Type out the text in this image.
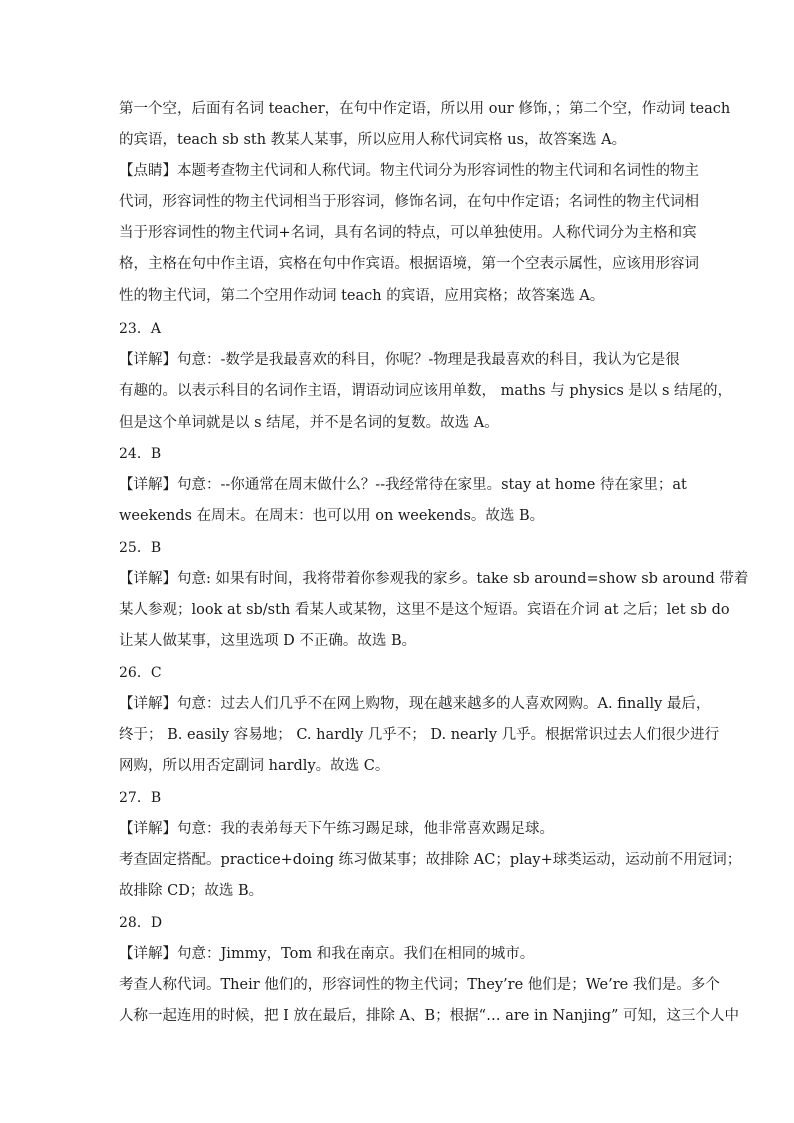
第一个空，后面有名词 teacher，在句中作定语，所以用 our 修饰，；第二个空，作动词 teach
的宾语，teach sb sth 教某人某事，所以应用人称代词宾格 us，故答案选 A。
【点睛】本题考查物主代词和人称代词。物主代词分为形容词性的物主代词和名词性的物主
代词，形容词性的物主代词相当于形容词，修饰名词，在句中作定语；名词性的物主代词相
当于形容词性的物主代词+名词，具有名词的特点，可以单独使用。人称代词分为主格和宾
格，主格在句中作主语，宾格在句中作宾语。根据语境，第一个空表示属性，应该用形容词
性的物主代词，第二个空用作动词 teach 的宾语，应用宾格；故答案选 A。
23．A
【详解】句意：-数学是我最喜欢的科目，你呢？-物理是我最喜欢的科目，我认为它是很
有趣的。以表示科目的名词作主语，谓语动词应该用单数， maths 与 physics 是以 s 结尾的，
但是这个单词就是以 s 结尾，并不是名词的复数。故选 A。
24．B
【详解】句意：--你通常在周末做什么？--我经常待在家里。stay at home 待在家里；at
weekends 在周末。在周末：也可以用 on weekends。故选 B。
25．B
【详解】句意: 如果有时间，我将带着你参观我的家乡。take sb around=show sb around 带着
某人参观；look at sb/sth 看某人或某物，这里不是这个短语。宾语在介词 at 之后；let sb do
让某人做某事，这里选项 D 不正确。故选 B。
26．C
【详解】句意：过去人们几乎不在网上购物，现在越来越多的人喜欢网购。A. finally 最后，
终于； B. easily 容易地； C. hardly 几乎不； D. nearly 几乎。根据常识过去人们很少进行
网购，所以用否定副词 hardly。故选 C。
27．B
【详解】句意：我的表弟每天下午练习踢足球，他非常喜欢踢足球。
考查固定搭配。practice+doing 练习做某事；故排除 AC；play+球类运动，运动前不用冠词；
故排除 CD；故选 B。
28．D
【详解】句意：Jimmy，Tom 和我在南京。我们在相同的城市。
考查人称代词。Their 他们的，形容词性的物主代词；They’re 他们是；We’re 我们是。多个
人称一起连用的时候，把 I 放在最后，排除 A、B；根据“… are in Nanjing” 可知，这三个人中
